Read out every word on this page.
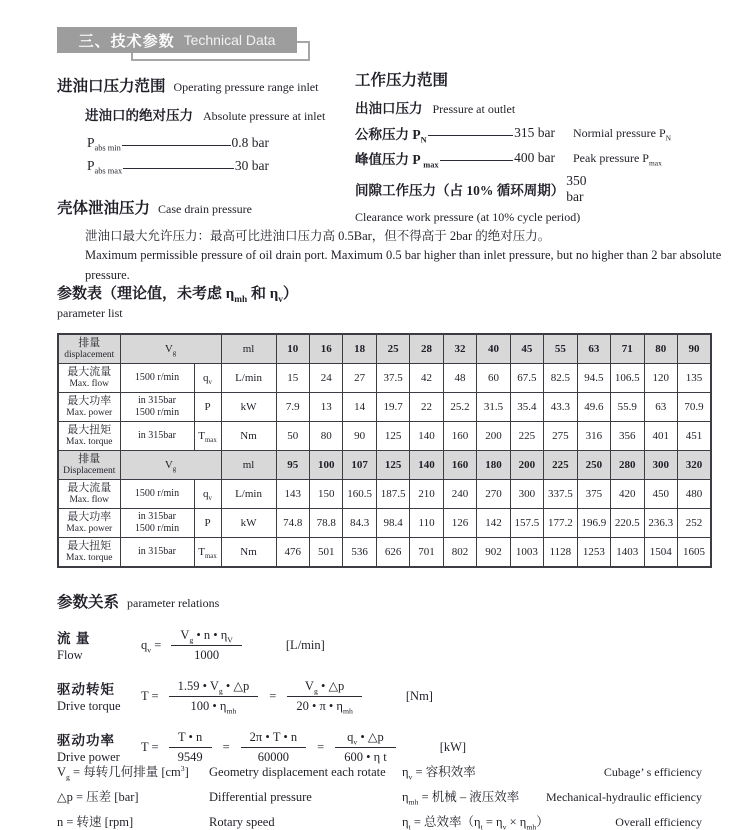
三、技术参数 Technical Data
进油口压力范围 Operating pressure range inlet
进油口的绝对压力 Absolute pressure at inlet
$P_{abs min}$	0.8 bar
$P_{abs max}$	30 bar
工作压力范围
出油口压力 Pressure at outlet
公称压力 $P_N$
315 bar Normial pressure $P_N$
峰值压力 P $_{max}$
400 bar Peak pressure $P_{max}$
间隙工作压力（占 10% 循环周期）
350 bar
Clearance work pressure (at 10% cycle period)
壳体泄油压力 Case drain pressure
泄油口最大允许压力：最高可比进油口压力高 0.5Bar，但不得高于 2bar 的绝对压力。
Maximum permissible pressure of oil drain port. Maximum 0.5 bar higher than inlet pressure, but no higher than 2 bar absolute pressure.
参数表（理论值，未考虑 $\eta_{mh}$ 和 $\eta_v$）
parameter list
排量
displacement	$V_g$		ml	10	16	18	25	28	32	40	45	55	63	71	80	90

最大流量
Max. flow	1500 r/min	$q_v$	L/min	15	24	27	37.5	42	48	60	67.5	82.5	94.5	106.5	120	135

最大功率
Max. power
	in 315bar
1500 r/min	P	kW	7.9	13	14	19.7	22	25.2	31.5	35.4	43.3	49.6	55.9	63	70.9

最大扭矩
Max. torque	in 315bar	$T_{max}$	Nm	50	80	90	125	140	160	200	225	275	316	356	401	451

排量
Displacement	$V_g$		ml	95	100	107	125	140	160	180	200	225	250	280	300	320

最大流量
Max. flow	1500 r/min	$q_v$	L/min	143	150	160.5	187.5	210	240	270	300	337.5	375	420	450	480

最大功率
Max. power
	in 315bar
1500 r/min	P	kW	74.8	78.8	84.3	98.4	110	126	142	157.5	177.2	196.9	220.5	236.3	252

最大扭矩
Max. torque	in 315bar	$T_{max}$	Nm	476	501	536	626	701	802	902	1003	1128	1253	1403	1504	1605
参数关系 parameter relations
流 量
Flow
$q_v = \frac{V_g • n • \eta_V}{1000}$	[L/min]
驱动转矩
Drive torque
$T = \frac{1.59 • V_g • \triangle p}{100 • \eta_{mh}} = \frac{V_g • \triangle p}{20 • \pi • \eta_{mh}}$	[Nm]
驱动功率
Drive power
$T = \frac{T • n}{9549} = \frac{2\pi • T • n}{60000} = \frac{q_v • \triangle p}{\text{600 • η t}}$	[kW]
$V_g$ = 每转几何排量 $[cm^3]$	Geometry displacement each rotate
△p = 压差 [bar]	Differential pressure
n = 转速 [rpm]	Rotary speed
$\eta_v$ = 容积效率	Cubage’ s efficiency
$\eta_{mh}$ = 机械 – 液压效率 Mechanical-hydraulic efficiency
$\eta_t$ = 总效率$(\eta_t = \eta_v \times \eta_{mh})$	Overall efficiency
